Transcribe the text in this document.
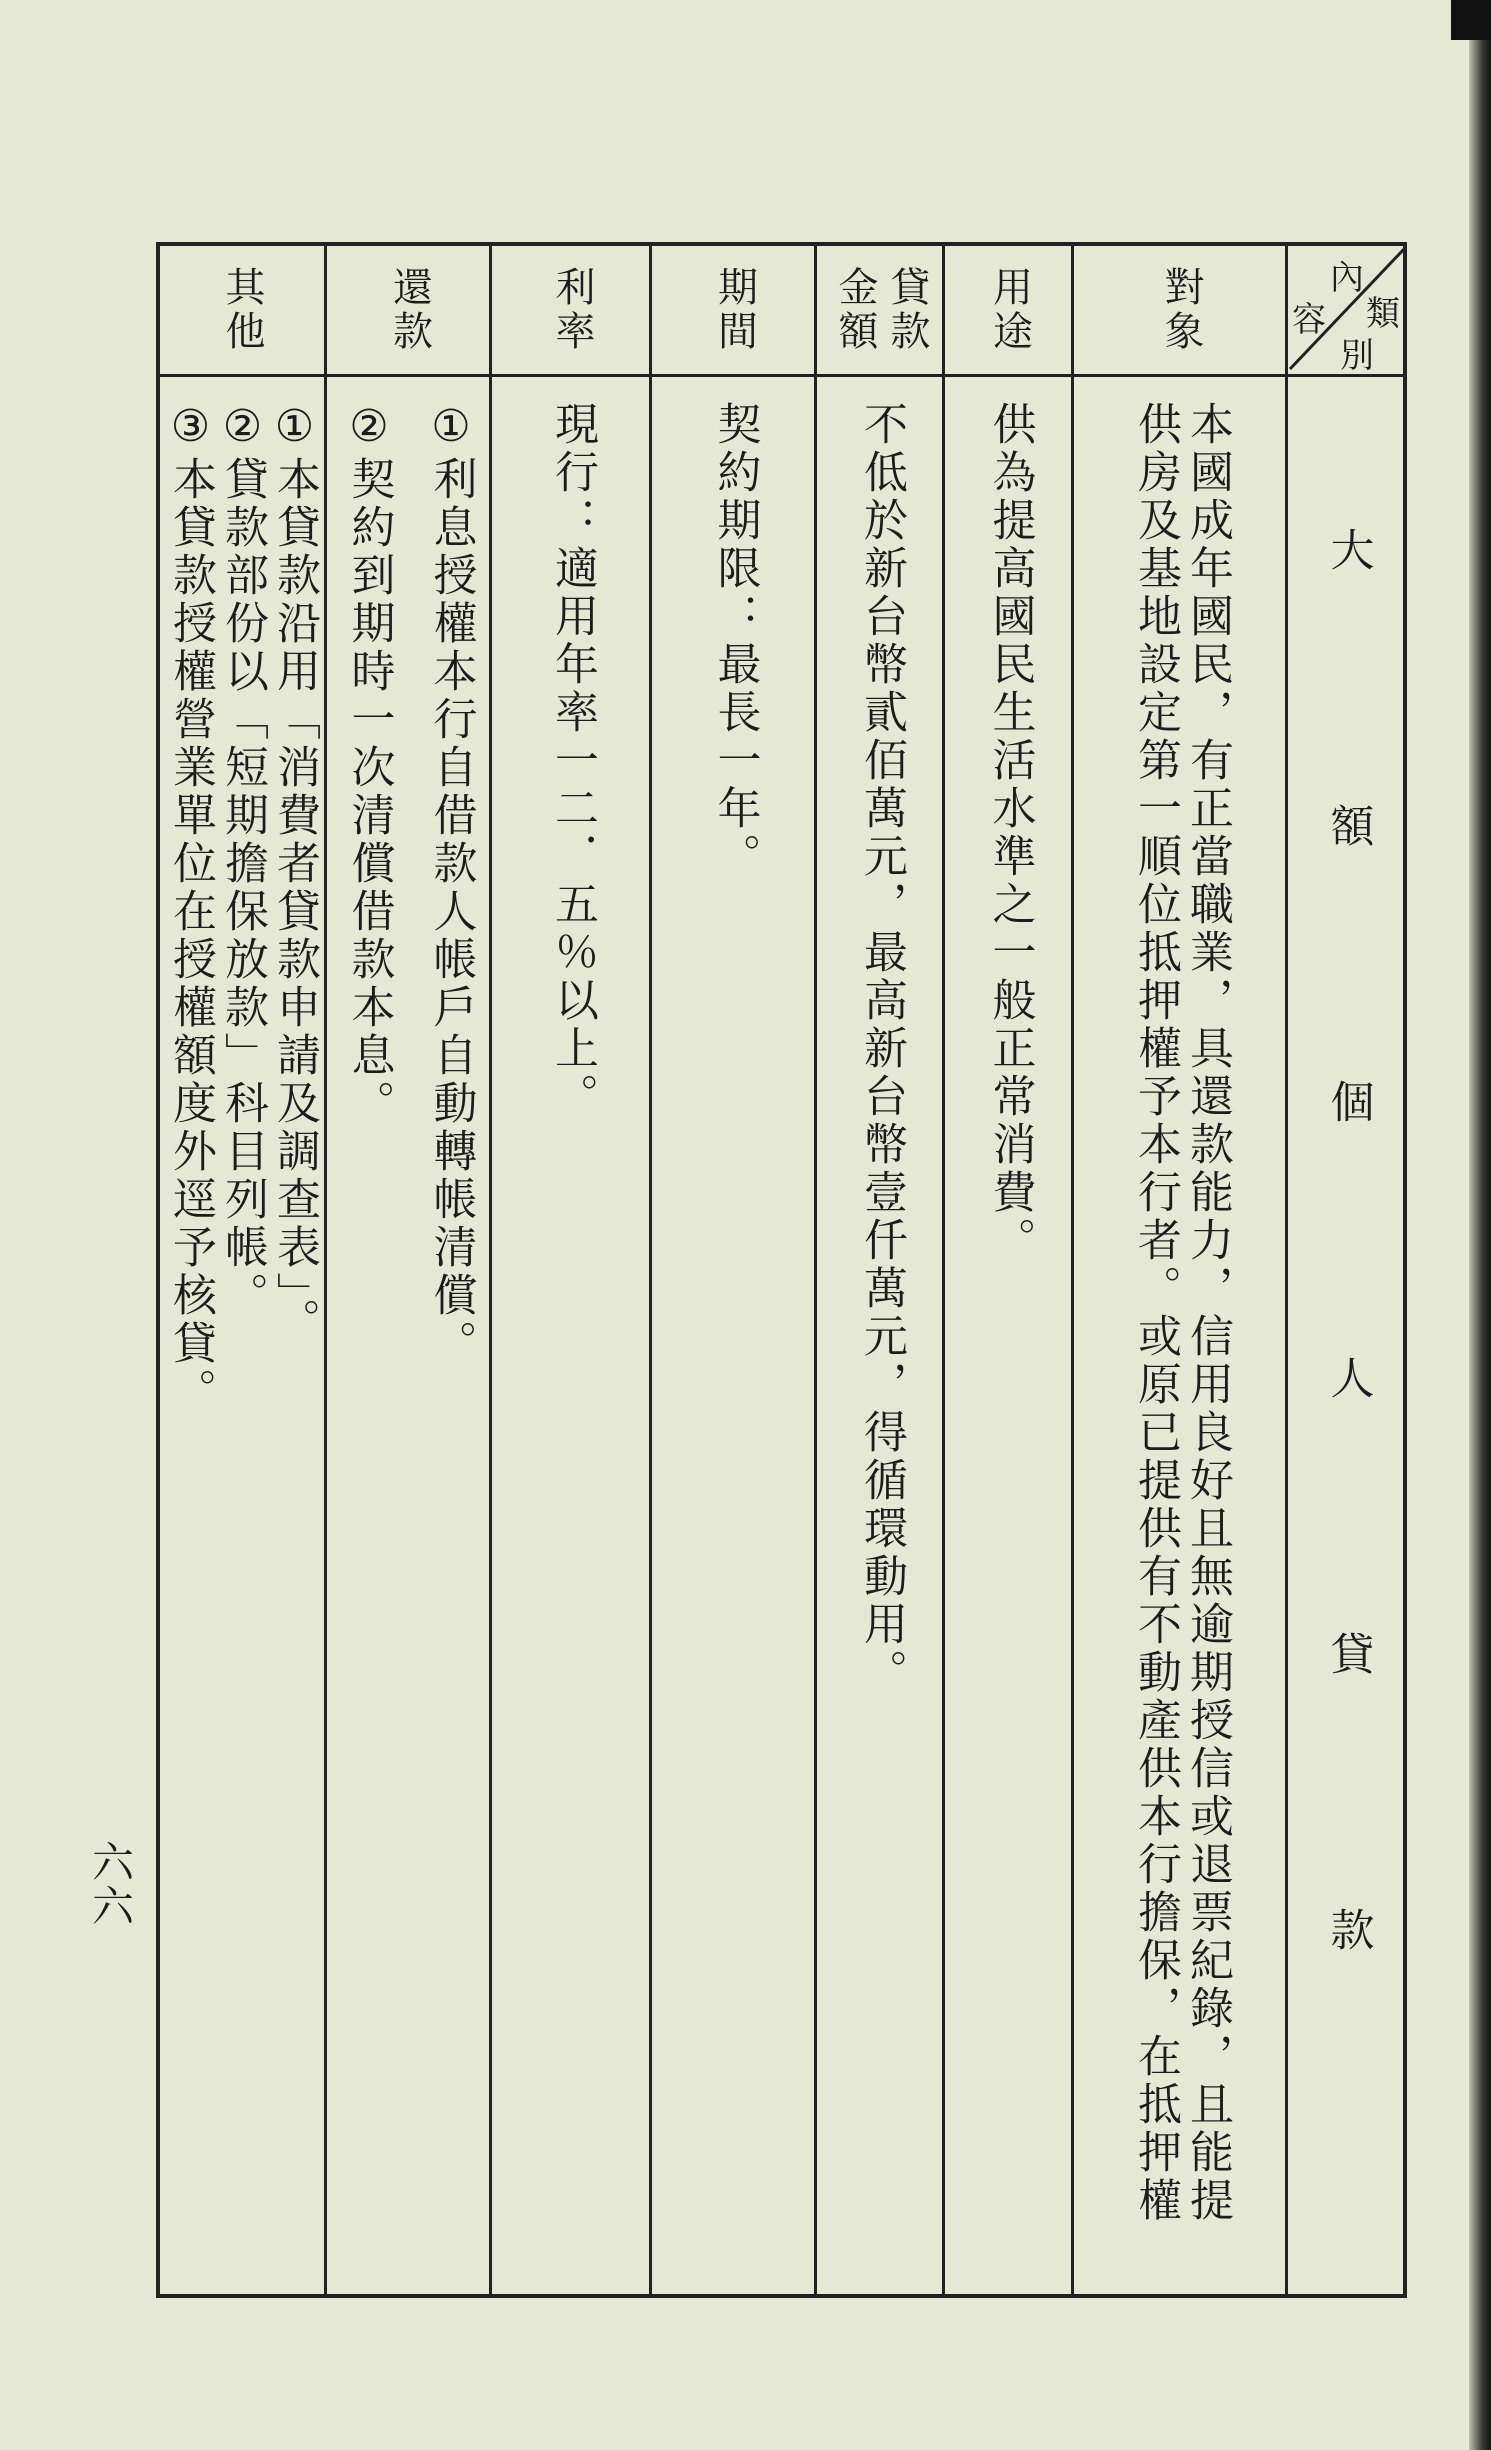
內
容 類
別
大額個人貸款
對象
本國成年國民，有正當職業，具還款能力，信用良好且無逾期授信或退票紀錄，且能提
供房及基地設定第一順位抵押權予本行者。或原已提供有不動產供本行擔保，在抵押權
用途
供為提高國民生活水準之一般正常消費。
貸款
金額
不低於新台幣貳佰萬元，最高新台幣壹仟萬元，得循環動用。
期間
契約期限：最長一年。
利率
現行：適用年率一二．五％以上。
還款
①利息授權本行自借款人帳戶自動轉帳清償。
②契約到期時一次清償借款本息。
其他
①本貸款沿用「消費者貸款申請及調查表」。
②貸款部份以「短期擔保放款」科目列帳。
③本貸款授權營業單位在授權額度外逕予核貸。
六六
